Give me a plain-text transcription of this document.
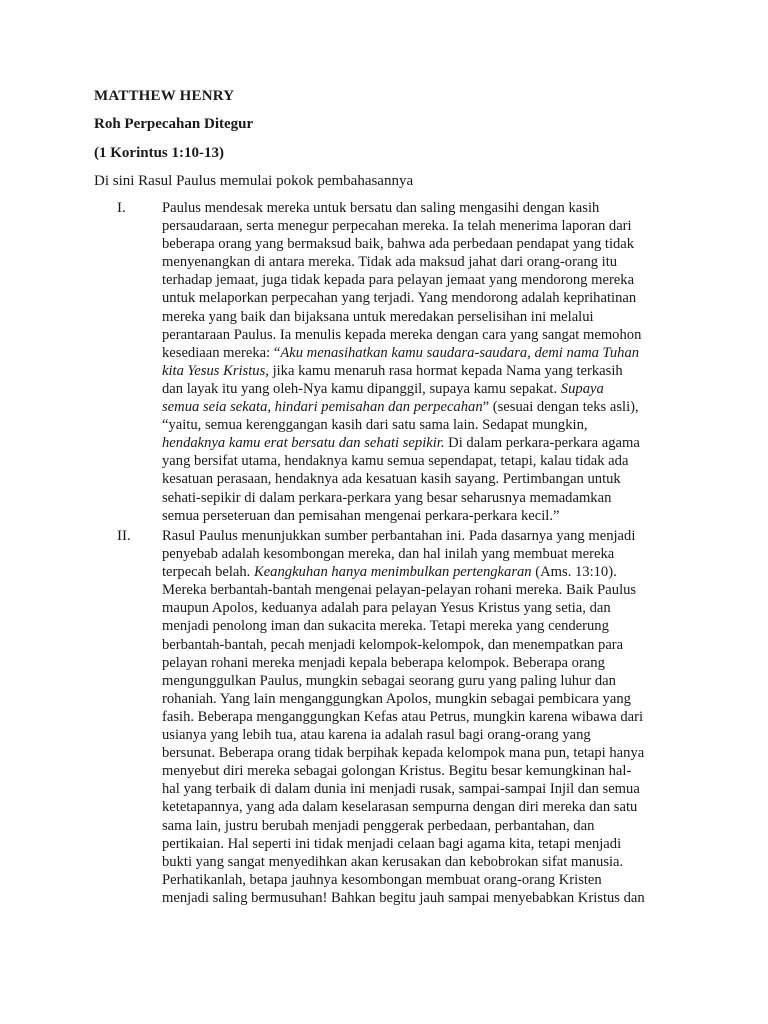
MATTHEW HENRY
Roh Perpecahan Ditegur
(1 Korintus 1:10-13)
Di sini Rasul Paulus memulai pokok pembahasannya
I. Paulus mendesak mereka untuk bersatu dan saling mengasihi dengan kasih
persaudaraan, serta menegur perpecahan mereka. Ia telah menerima laporan dari
beberapa orang yang bermaksud baik, bahwa ada perbedaan pendapat yang tidak
menyenangkan di antara mereka. Tidak ada maksud jahat dari orang-orang itu
terhadap jemaat, juga tidak kepada para pelayan jemaat yang mendorong mereka
untuk melaporkan perpecahan yang terjadi. Yang mendorong adalah keprihatinan
mereka yang baik dan bijaksana untuk meredakan perselisihan ini melalui
perantaraan Paulus. Ia menulis kepada mereka dengan cara yang sangat memohon
kesediaan mereka: “Aku menasihatkan kamu saudara-saudara, demi nama Tuhan
kita Yesus Kristus, jika kamu menaruh rasa hormat kepada Nama yang terkasih
dan layak itu yang oleh-Nya kamu dipanggil, supaya kamu sepakat. Supaya
semua seia sekata, hindari pemisahan dan perpecahan” (sesuai dengan teks asli),
“yaitu, semua kerenggangan kasih dari satu sama lain. Sedapat mungkin,
hendaknya kamu erat bersatu dan sehati sepikir. Di dalam perkara-perkara agama
yang bersifat utama, hendaknya kamu semua sependapat, tetapi, kalau tidak ada
kesatuan perasaan, hendaknya ada kesatuan kasih sayang. Pertimbangan untuk
sehati-sepikir di dalam perkara-perkara yang besar seharusnya memadamkan
semua perseteruan dan pemisahan mengenai perkara-perkara kecil.”
II. Rasul Paulus menunjukkan sumber perbantahan ini. Pada dasarnya yang menjadi
penyebab adalah kesombongan mereka, dan hal inilah yang membuat mereka
terpecah belah. Keangkuhan hanya menimbulkan pertengkaran (Ams. 13:10).
Mereka berbantah-bantah mengenai pelayan-pelayan rohani mereka. Baik Paulus
maupun Apolos, keduanya adalah para pelayan Yesus Kristus yang setia, dan
menjadi penolong iman dan sukacita mereka. Tetapi mereka yang cenderung
berbantah-bantah, pecah menjadi kelompok-kelompok, dan menempatkan para
pelayan rohani mereka menjadi kepala beberapa kelompok. Beberapa orang
mengunggulkan Paulus, mungkin sebagai seorang guru yang paling luhur dan
rohaniah. Yang lain menganggungkan Apolos, mungkin sebagai pembicara yang
fasih. Beberapa menganggungkan Kefas atau Petrus, mungkin karena wibawa dari
usianya yang lebih tua, atau karena ia adalah rasul bagi orang-orang yang
bersunat. Beberapa orang tidak berpihak kepada kelompok mana pun, tetapi hanya
menyebut diri mereka sebagai golongan Kristus. Begitu besar kemungkinan hal-
hal yang terbaik di dalam dunia ini menjadi rusak, sampai-sampai Injil dan semua
ketetapannya, yang ada dalam keselarasan sempurna dengan diri mereka dan satu
sama lain, justru berubah menjadi penggerak perbedaan, perbantahan, dan
pertikaian. Hal seperti ini tidak menjadi celaan bagi agama kita, tetapi menjadi
bukti yang sangat menyedihkan akan kerusakan dan kebobrokan sifat manusia.
Perhatikanlah, betapa jauhnya kesombongan membuat orang-orang Kristen
menjadi saling bermusuhan! Bahkan begitu jauh sampai menyebabkan Kristus dan
